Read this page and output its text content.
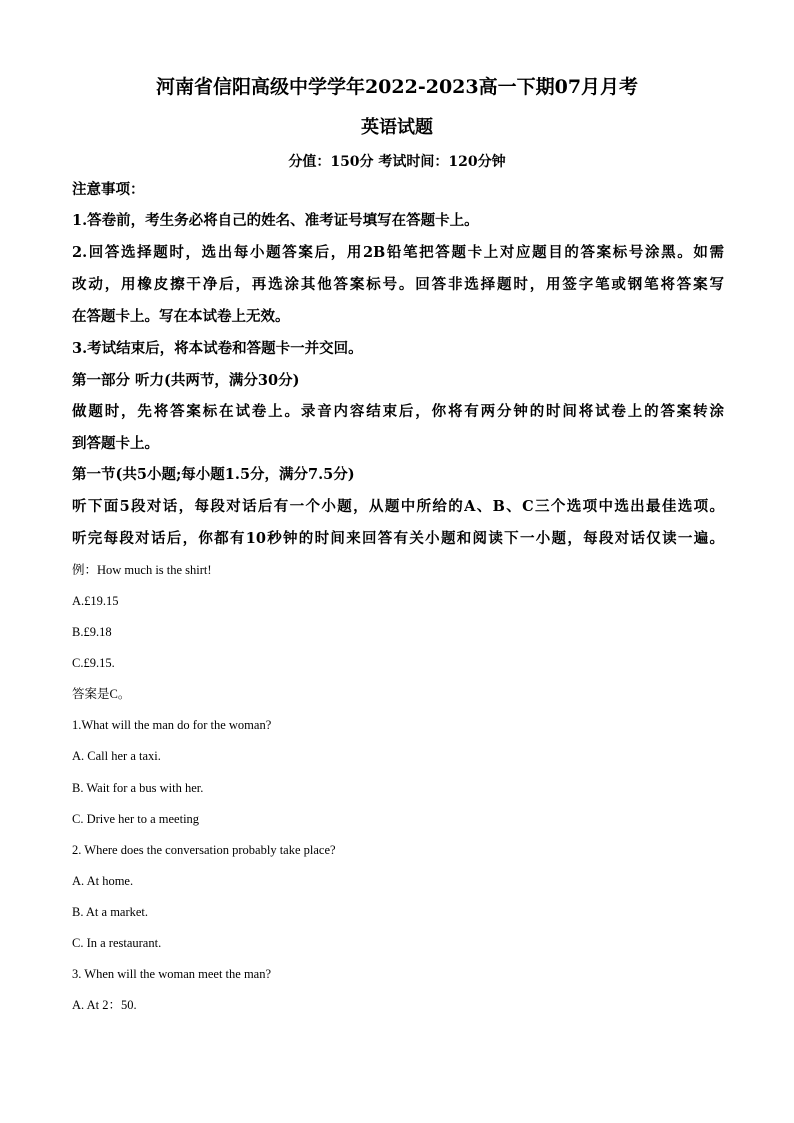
河南省信阳高级中学学年2022-2023高一下期07月月考
英语试题
分值：150分 考试时间：120分钟
注意事项：
1.答卷前，考生务必将自己的姓名、准考证号填写在答题卡上。
2.回答选择题时，选出每小题答案后，用2B铅笔把答题卡上对应题目的答案标号涂黑。如需
改动，用橡皮擦干净后，再选涂其他答案标号。回答非选择题时，用签字笔或钢笔将答案写
在答题卡上。写在本试卷上无效。
3.考试结束后，将本试卷和答题卡一并交回。
第一部分 听力(共两节，满分30分)
做题时，先将答案标在试卷上。录音内容结束后，你将有两分钟的时间将试卷上的答案转涂
到答题卡上。
第一节(共5小题;每小题1.5分，满分7.5分)
听下面5段对话，每段对话后有一个小题，从题中所给的A、B、C三个选项中选出最佳选项。
听完每段对话后，你都有10秒钟的时间来回答有关小题和阅读下一小题，每段对话仅读一遍。
例：How much is the shirt!
A.£19.15
B.£9.18
C.£9.15.
答案是C。
1.What will the man do for the woman?
A. Call her a taxi.
B. Wait for a bus with her.
C. Drive her to a meeting
2. Where does the conversation probably take place?
A. At home.
B. At a market.
C. In a restaurant.
3. When will the woman meet the man?
A. At 2：50.
